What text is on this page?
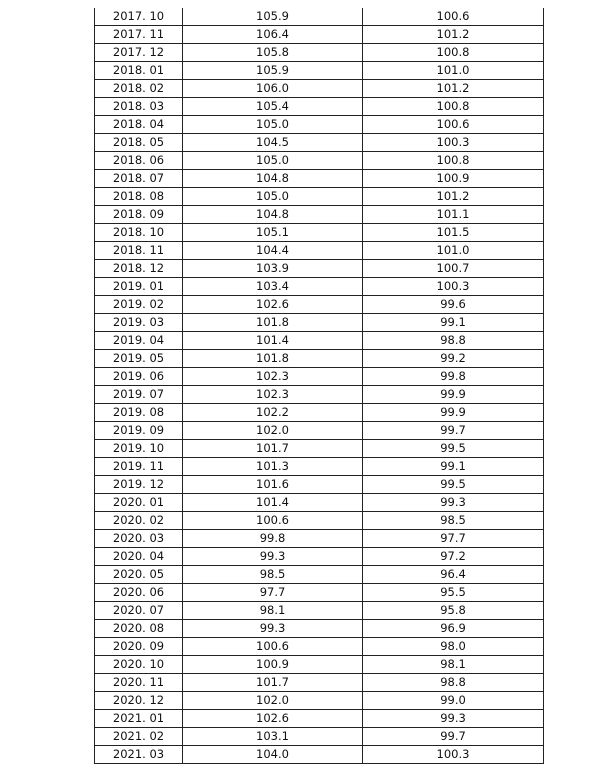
2017. 10	105.9	100.6
2017. 11	106.4	101.2
2017. 12	105.8	100.8
2018. 01	105.9	101.0
2018. 02	106.0	101.2
2018. 03	105.4	100.8
2018. 04	105.0	100.6
2018. 05	104.5	100.3
2018. 06	105.0	100.8
2018. 07	104.8	100.9
2018. 08	105.0	101.2
2018. 09	104.8	101.1
2018. 10	105.1	101.5
2018. 11	104.4	101.0
2018. 12	103.9	100.7
2019. 01	103.4	100.3
2019. 02	102.6	99.6
2019. 03	101.8	99.1
2019. 04	101.4	98.8
2019. 05	101.8	99.2
2019. 06	102.3	99.8
2019. 07	102.3	99.9
2019. 08	102.2	99.9
2019. 09	102.0	99.7
2019. 10	101.7	99.5
2019. 11	101.3	99.1
2019. 12	101.6	99.5
2020. 01	101.4	99.3
2020. 02	100.6	98.5
2020. 03	99.8	97.7
2020. 04	99.3	97.2
2020. 05	98.5	96.4
2020. 06	97.7	95.5
2020. 07	98.1	95.8
2020. 08	99.3	96.9
2020. 09	100.6	98.0
2020. 10	100.9	98.1
2020. 11	101.7	98.8
2020. 12	102.0	99.0
2021. 01	102.6	99.3
2021. 02	103.1	99.7
2021. 03	104.0	100.3
